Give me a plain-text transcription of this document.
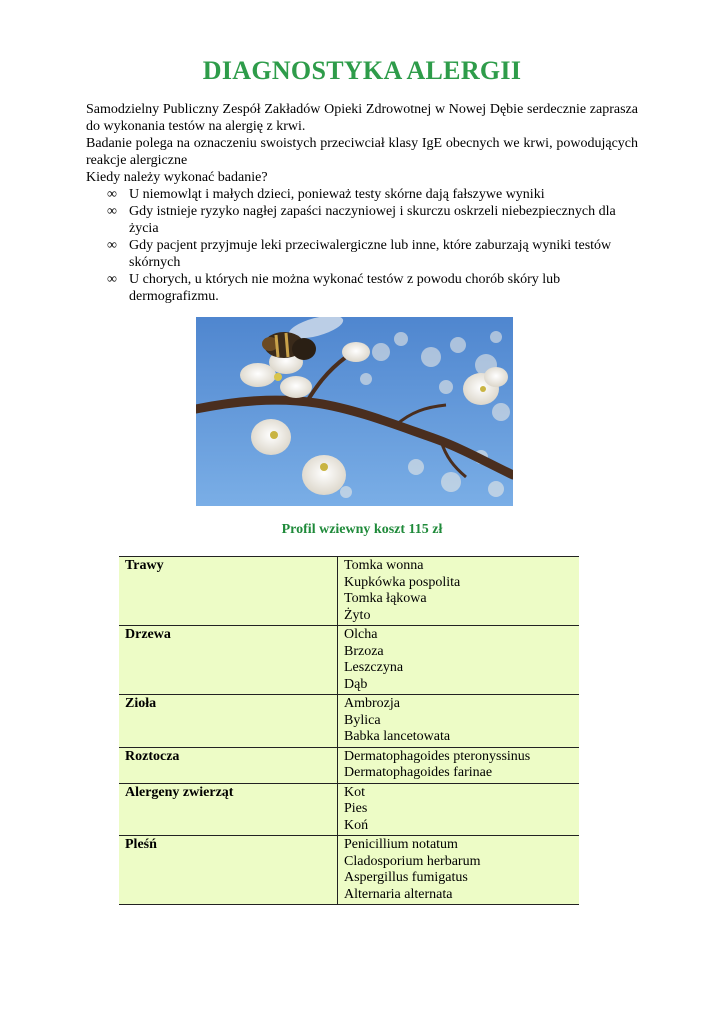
DIAGNOSTYKA ALERGII

Samodzielny Publiczny Zespół Zakładów Opieki Zdrowotnej w Nowej Dębie serdecznie zaprasza do wykonania testów na alergię z krwi.

Badanie polega na oznaczeniu swoistych przeciwciał klasy IgE obecnych we krwi, powodujących reakcje alergiczne

Kiedy należy wykonać badanie?

∞ U niemowląt i małych dzieci, ponieważ testy skórne dają fałszywe wyniki
∞ Gdy istnieje ryzyko nagłej zapaści naczyniowej i skurczu oskrzeli niebezpiecznych dla życia
∞ Gdy pacjent przyjmuje leki przeciwalergiczne lub inne, które zaburzają wyniki testów skórnych
∞ U chorych, u których nie można wykonać testów z powodu chorób skóry lub dermografizmu.
Profil wziewny koszt 115 zł
Trawy	Tomka wonna
Kupkówka pospolita
Tomka łąkowa
Żyto

Drzewa	Olcha
Brzoza
Leszczyna
Dąb

Zioła	Ambrozja
Bylica
Babka lancetowata

Roztocza	Dermatophagoides pteronyssinus
Dermatophagoides farinae

Alergeny zwierząt	Kot
Pies
Koń

Pleśń	Penicillium notatum
Cladosporium herbarum
Aspergillus fumigatus
Alternaria alternata
